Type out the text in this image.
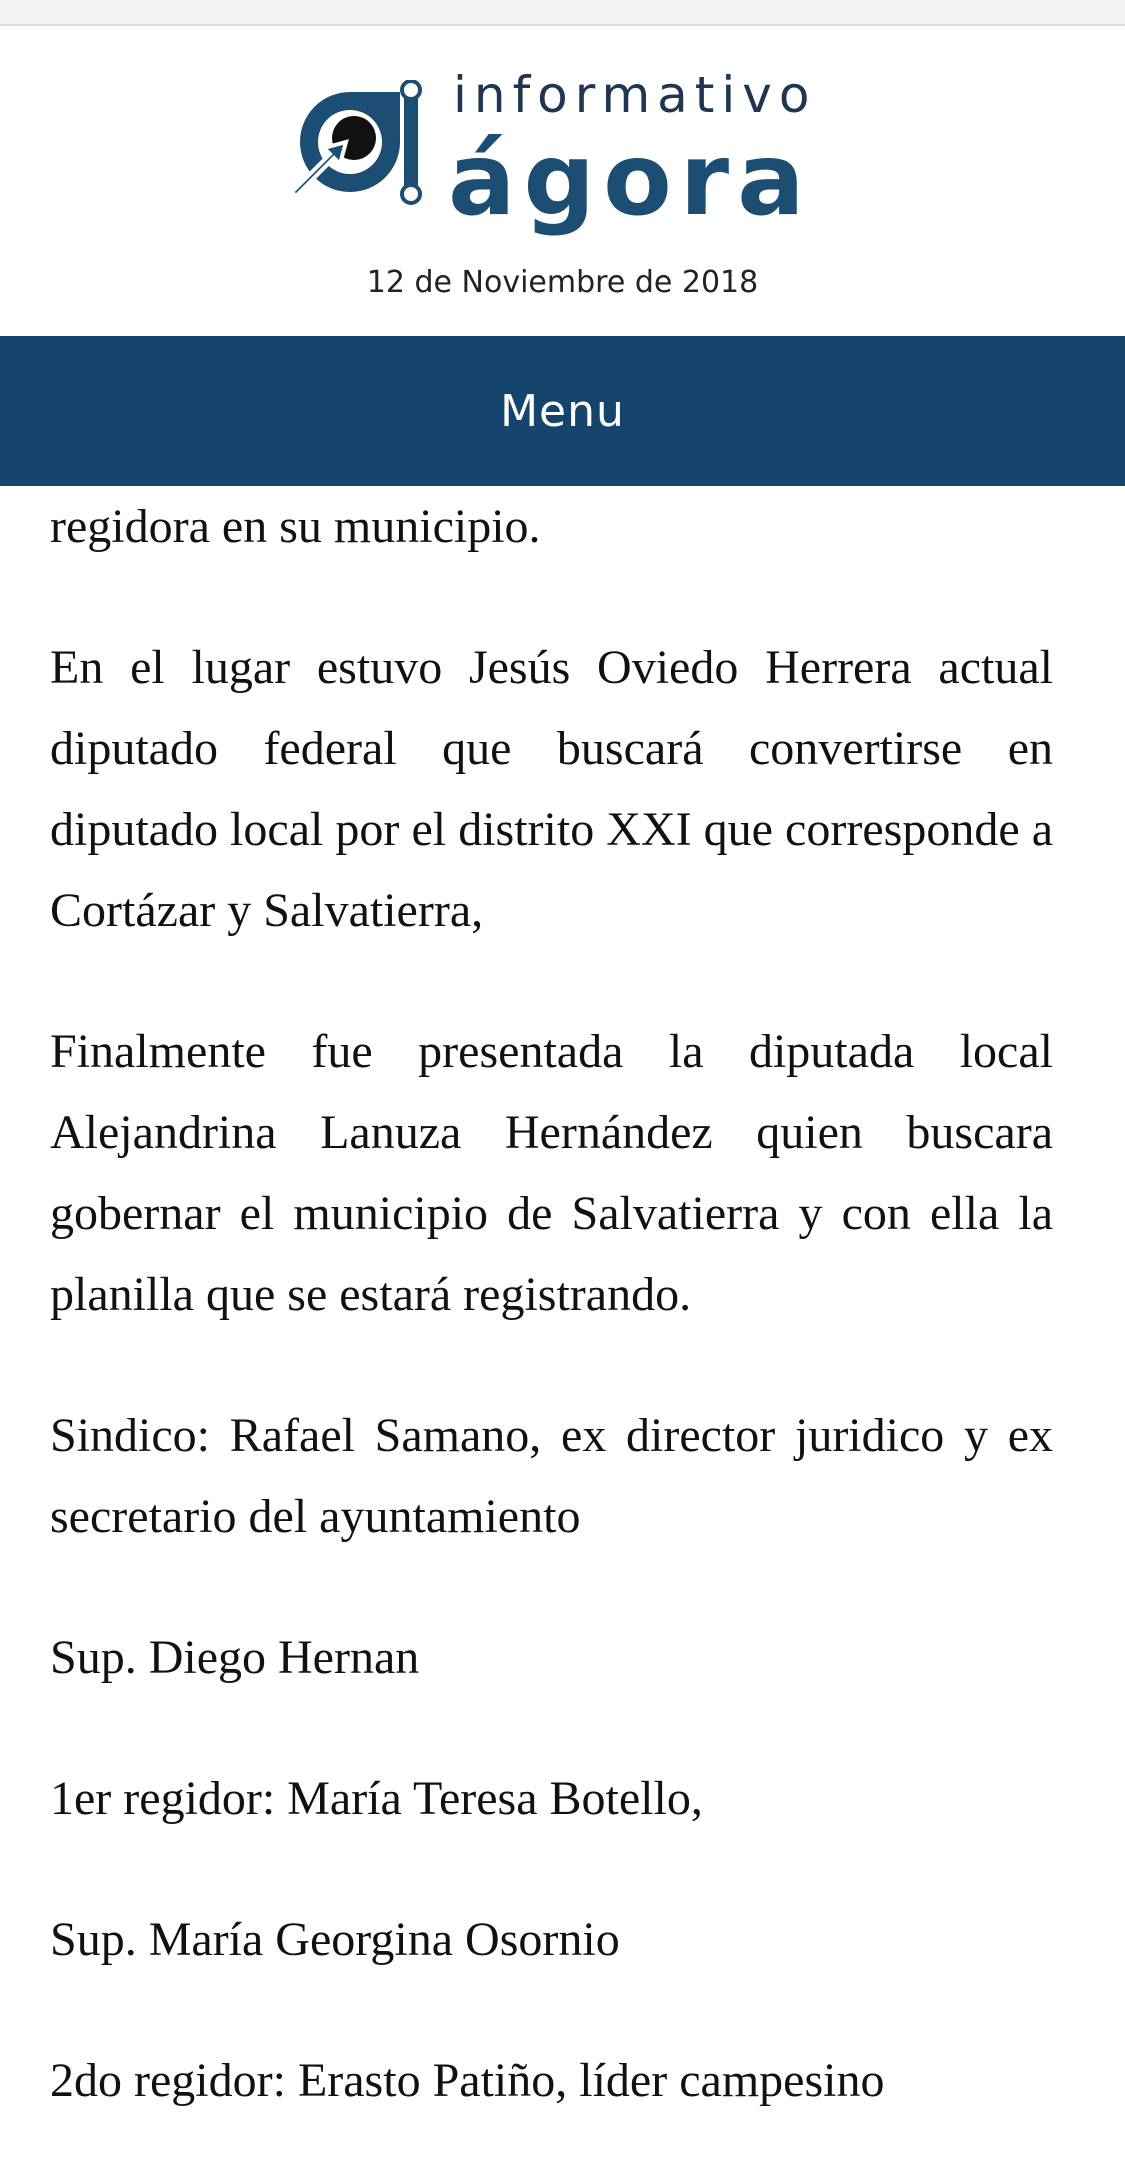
informativo
ágora
12 de Noviembre de 2018
Menu

regidora en su municipio.

En el lugar estuvo Jesús Oviedo Herrera actual diputado federal que buscará convertirse en diputado local por el distrito XXI que corresponde a Cortázar y Salvatierra,

Finalmente fue presentada la diputada local Alejandrina Lanuza Hernández quien buscara gobernar el municipio de Salvatierra y con ella la planilla que se estará registrando.

Sindico: Rafael Samano, ex director juridico y ex secretario del ayuntamiento

Sup. Diego Hernan

1er regidor: María Teresa Botello,

Sup. María Georgina Osornio

2do regidor: Erasto Patiño, líder campesino
